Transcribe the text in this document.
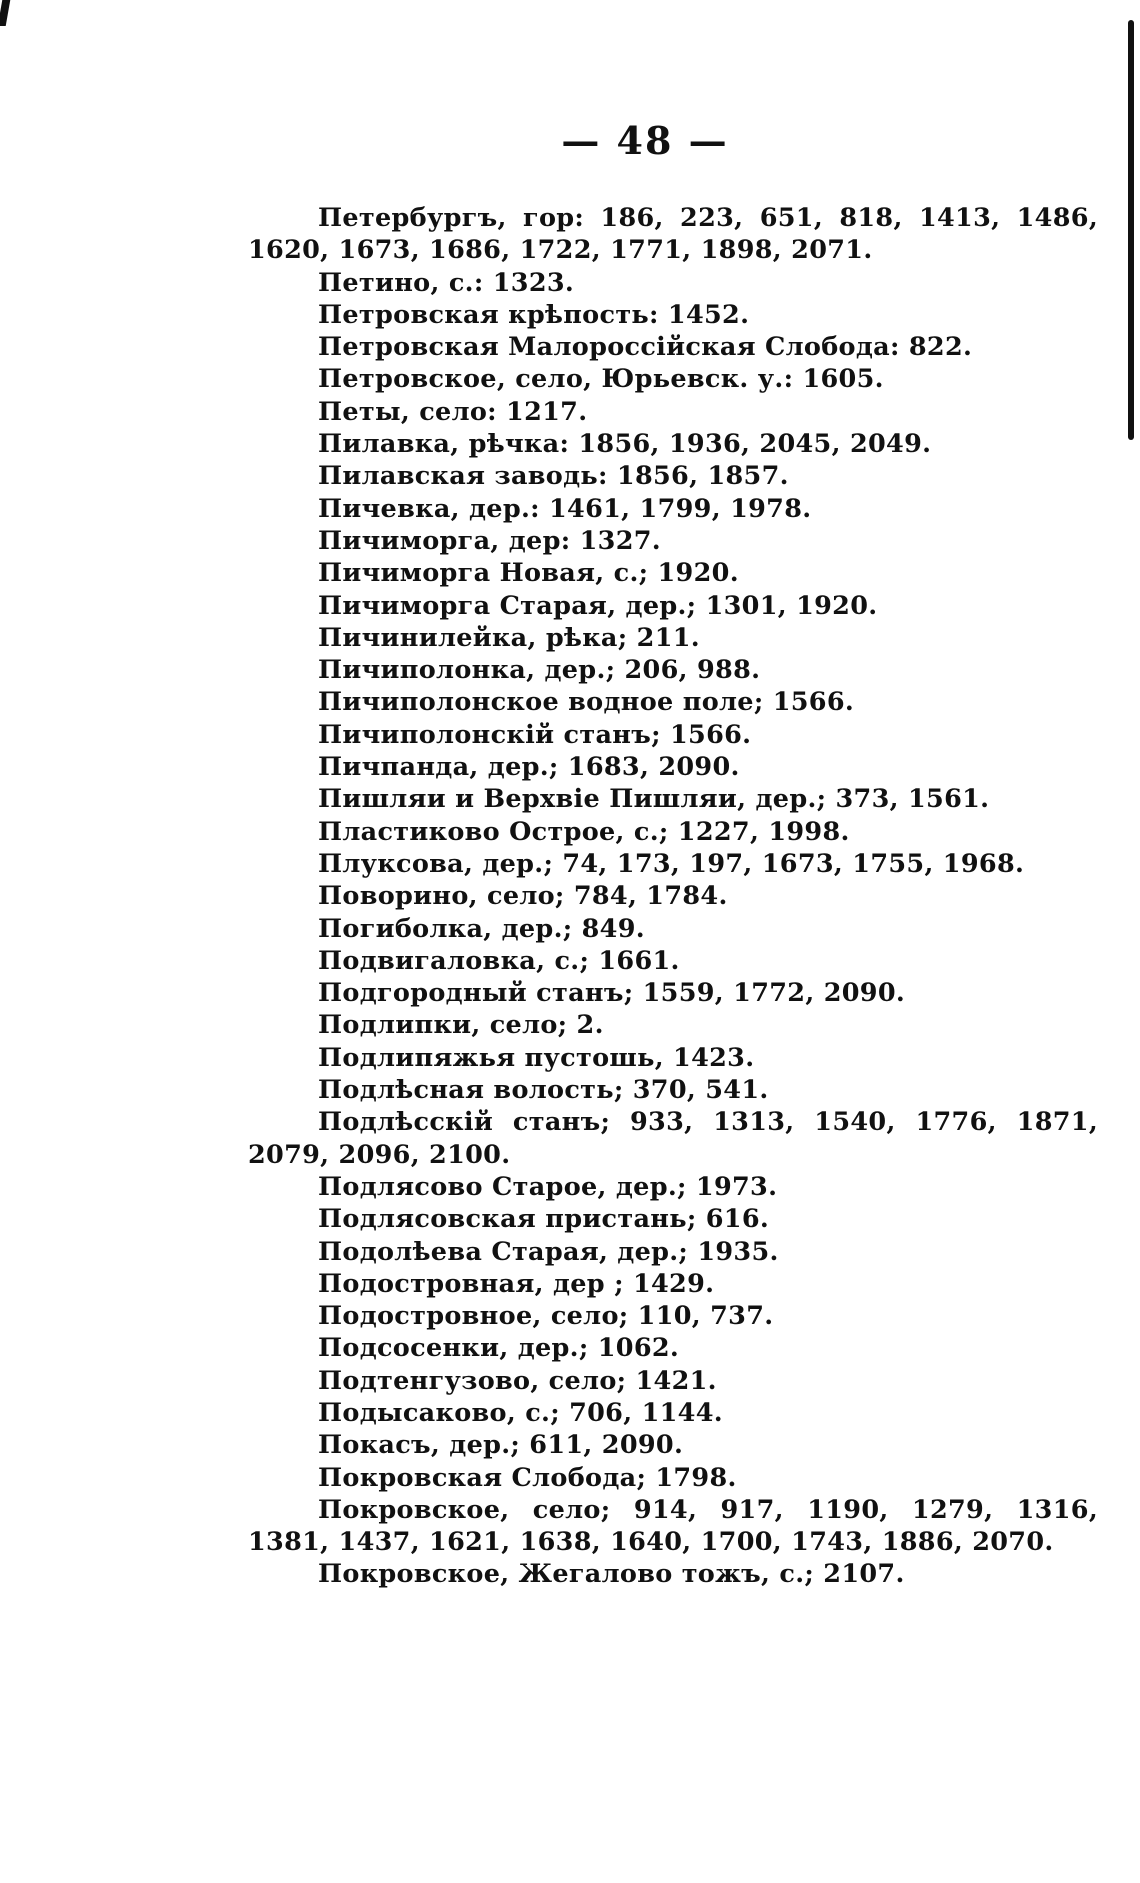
— 48 —

Петербургъ, гор: 186, 223, 651, 818, 1413, 1486, 1620, 1673, 1686, 1722, 1771, 1898, 2071.

Петино, с.: 1323.

Петровская крѣпость: 1452.

Петровская Малороссійская Слобода: 822.

Петровское, село, Юрьевск. у.: 1605.

Петы, село: 1217.

Пилавка, рѣчка: 1856, 1936, 2045, 2049.

Пилавская заводь: 1856, 1857.

Пичевка, дер.: 1461, 1799, 1978.

Пичиморга, дер: 1327.

Пичиморга Новая, с.; 1920.

Пичиморга Старая, дер.; 1301, 1920.

Пичинилейка, рѣка; 211.

Пичиполонка, дер.; 206, 988.

Пичиполонское водное поле; 1566.

Пичиполонскій станъ; 1566.

Пичпанда, дер.; 1683, 2090.

Пишляи и Верхвіе Пишляи, дер.; 373, 1561.

Пластиково Острое, с.; 1227, 1998.

Плуксова, дер.; 74, 173, 197, 1673, 1755, 1968.

Поворино, село; 784, 1784.

Погиболка, дер.; 849.

Подвигаловка, с.; 1661.

Подгородный станъ; 1559, 1772, 2090.

Подлипки, село; 2.

Подлипяжья пустошь, 1423.

Подлѣсная волость; 370, 541.

Подлѣсскій станъ; 933, 1313, 1540, 1776, 1871, 2079, 2096, 2100.

Подлясово Старое, дер.; 1973.

Подлясовская пристань; 616.

Подолѣева Старая, дер.; 1935.

Подостровная, дер ; 1429.

Подостровное, село; 110, 737.

Подсосенки, дер.; 1062.

Подтенгузово, село; 1421.

Подысаково, с.; 706, 1144.

Покасъ, дер.; 611, 2090.

Покровская Слобода; 1798.

Покровское, село; 914, 917, 1190, 1279, 1316, 1381, 1437, 1621, 1638, 1640, 1700, 1743, 1886, 2070.

Покровское, Жегалово тожъ, с.; 2107.
